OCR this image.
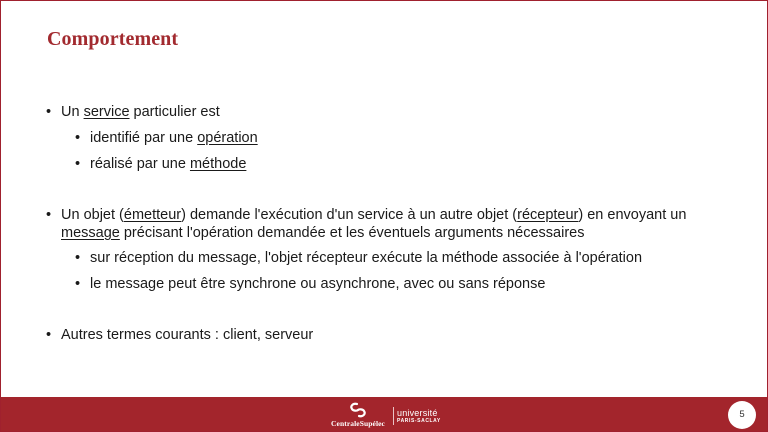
Comportement
• Un service particulier est
• identifié par une opération
• réalisé par une méthode
• Un objet (émetteur) demande l'exécution d'un service à un autre objet (récepteur) en envoyant un
message précisant l'opération demandée et les éventuels arguments nécessaires
• sur réception du message, l'objet récepteur exécute la méthode associée à l'opération
• le message peut être synchrone ou asynchrone, avec ou sans réponse
• Autres termes courants : client, serveur
CentraleSupélec
université
PARIS-SACLAY
5
